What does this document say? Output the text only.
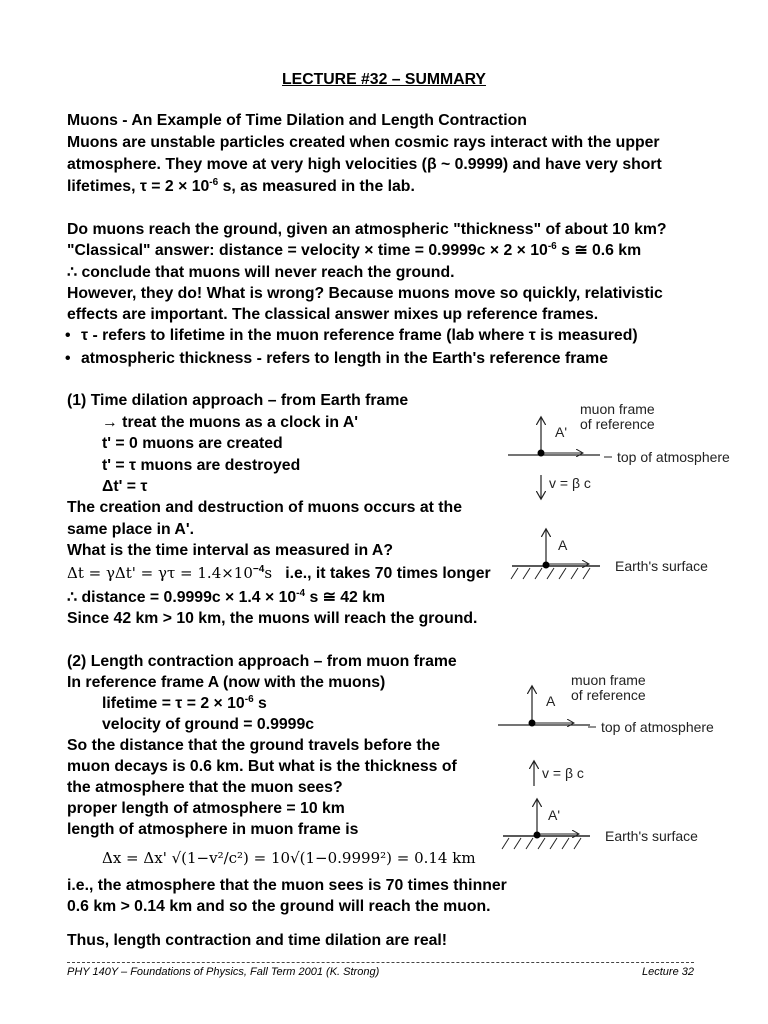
LECTURE #32 – SUMMARY

Muons - An Example of Time Dilation and Length Contraction

Muons are unstable particles created when cosmic rays interact with the upper

atmosphere. They move at very high velocities (β ~ 0.9999) and have very short

lifetimes, $\tau = 2 \times 10^{-6}$ s, as measured in the lab.

Do muons reach the ground, given an atmospheric "thickness" of about 10 km?

"Classical" answer: distance = velocity × time = $0.9999c \times 2 \times 10^{-6}$ s ≅ 0.6 km

∴ conclude that muons will never reach the ground.

However, they do! What is wrong? Because muons move so quickly, relativistic

effects are important. The classical answer mixes up reference frames.

• τ - refers to lifetime in the muon reference frame (lab where τ is measured)

• atmospheric thickness - refers to length in the Earth's reference frame

(1) Time dilation approach – from Earth frame

→ treat the muons as a clock in A'

t' = 0 muons are created

t' = τ muons are destroyed

Δt' = τ

The creation and destruction of muons occurs at the

same place in A'.

What is the time interval as measured in A?

$\Delta t = \gamma\Delta t' = \gamma\tau = 1.4\times 10^{-4}s$ i.e., it takes 70 times longer

∴ distance = $0.9999c \times 1.4 \times 10^{-4}$ s ≅ 42 km

Since 42 km > 10 km, the muons will reach the ground.

(2) Length contraction approach – from muon frame

In reference frame A (now with the muons)

lifetime = $\tau = 2 \times 10^{-6}$ s

velocity of ground = 0.9999c

So the distance that the ground travels before the

muon decays is 0.6 km. But what is the thickness of

the atmosphere that the muon sees?

proper length of atmosphere = 10 km

length of atmosphere in muon frame is

Δx = Δx' √(1−v²/c²) = 10√(1−0.9999²) = 0.14 km

i.e., the atmosphere that the muon sees is 70 times thinner

0.6 km > 0.14 km and so the ground will reach the muon.

Thus, length contraction and time dilation are real!

PHY 140Y – Foundations of Physics, Fall Term 2001 (K. Strong)	Lecture 32
muon frame
of reference
A'
top of atmosphere
v = β c
A
Earth's surface
muon frame
of reference
A
top of atmosphere
v = β c
A'
Earth's surface
